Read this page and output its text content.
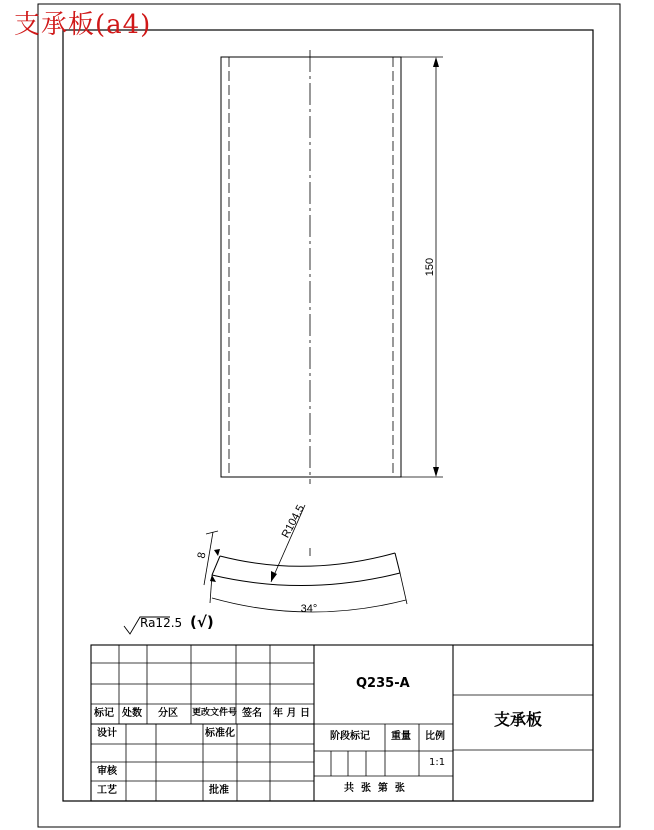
150
R104.5
8
34°
支承板(a4)
Ra12.5 (√)
标记 处数 分区 更改文件号 签名 年 月 日
设计	标准化
审核
工艺	批准
Q235-A
阶段标记 重量 比例
1:1
共  张  第  张
支承板
